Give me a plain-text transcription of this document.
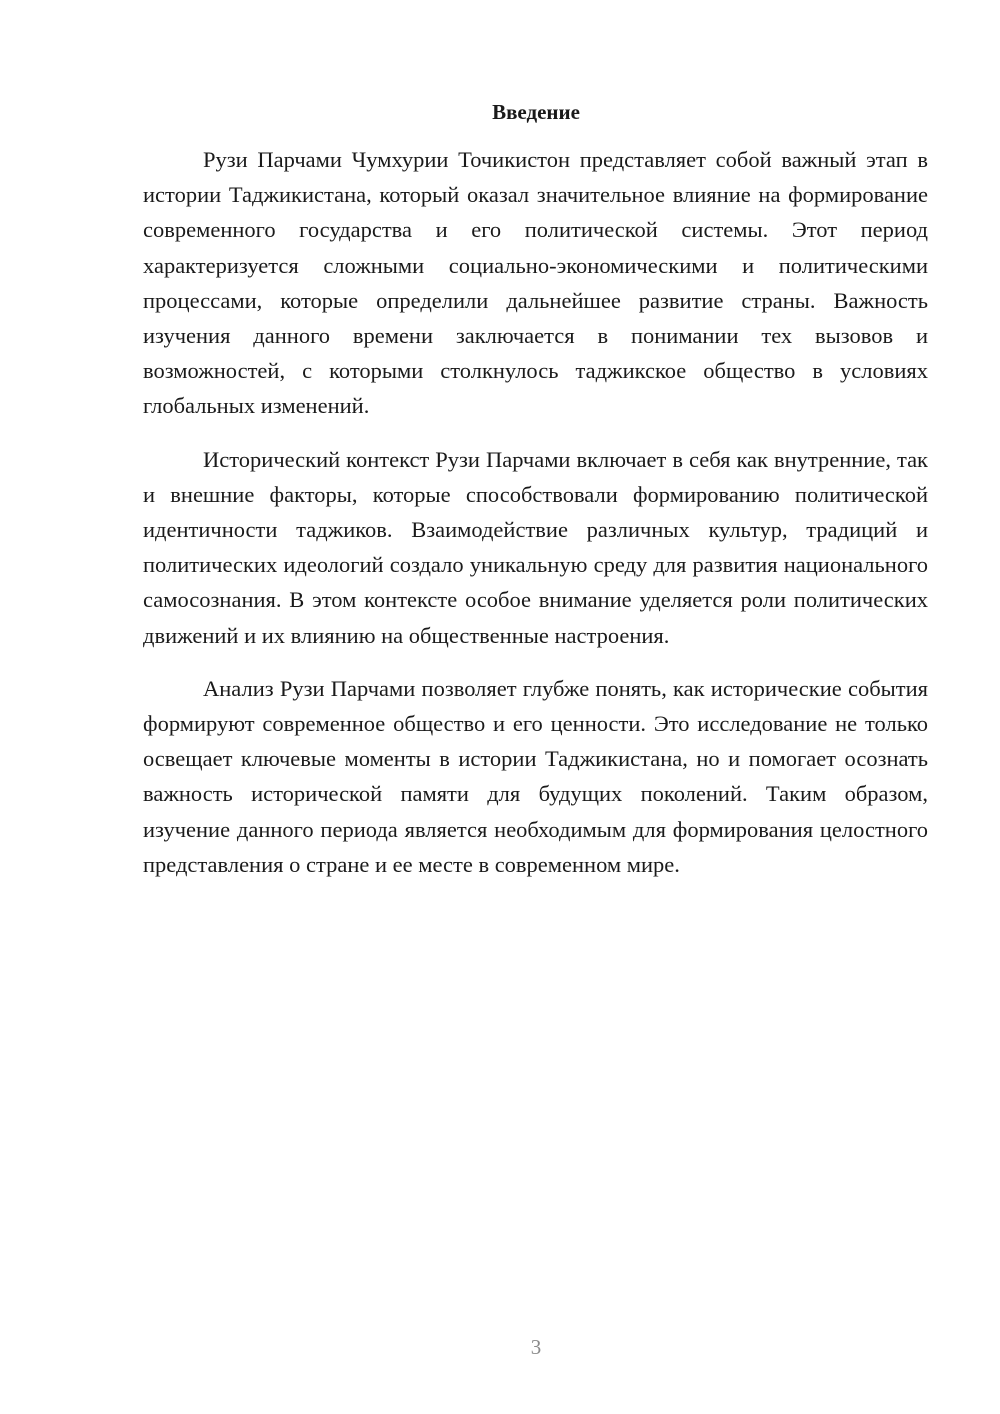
Введение

Рузи Парчами Чумхурии Точикистон представляет собой важный этап в истории Таджикистана, который оказал значительное влияние на формирование современного государства и его политической системы. Этот период характеризуется сложными социально-экономическими и политическими процессами, которые определили дальнейшее развитие страны. Важность изучения данного времени заключается в понимании тех вызовов и возможностей, с которыми столкнулось таджикское общество в условиях глобальных изменений.

Исторический контекст Рузи Парчами включает в себя как внутренние, так и внешние факторы, которые способствовали формированию политической идентичности таджиков. Взаимодействие различных культур, традиций и политических идеологий создало уникальную среду для развития национального самосознания. В этом контексте особое внимание уделяется роли политических движений и их влиянию на общественные настроения.

Анализ Рузи Парчами позволяет глубже понять, как исторические события формируют современное общество и его ценности. Это исследование не только освещает ключевые моменты в истории Таджикистана, но и помогает осознать важность исторической памяти для будущих поколений. Таким образом, изучение данного периода является необходимым для формирования целостного представления о стране и ее месте в современном мире.

3
